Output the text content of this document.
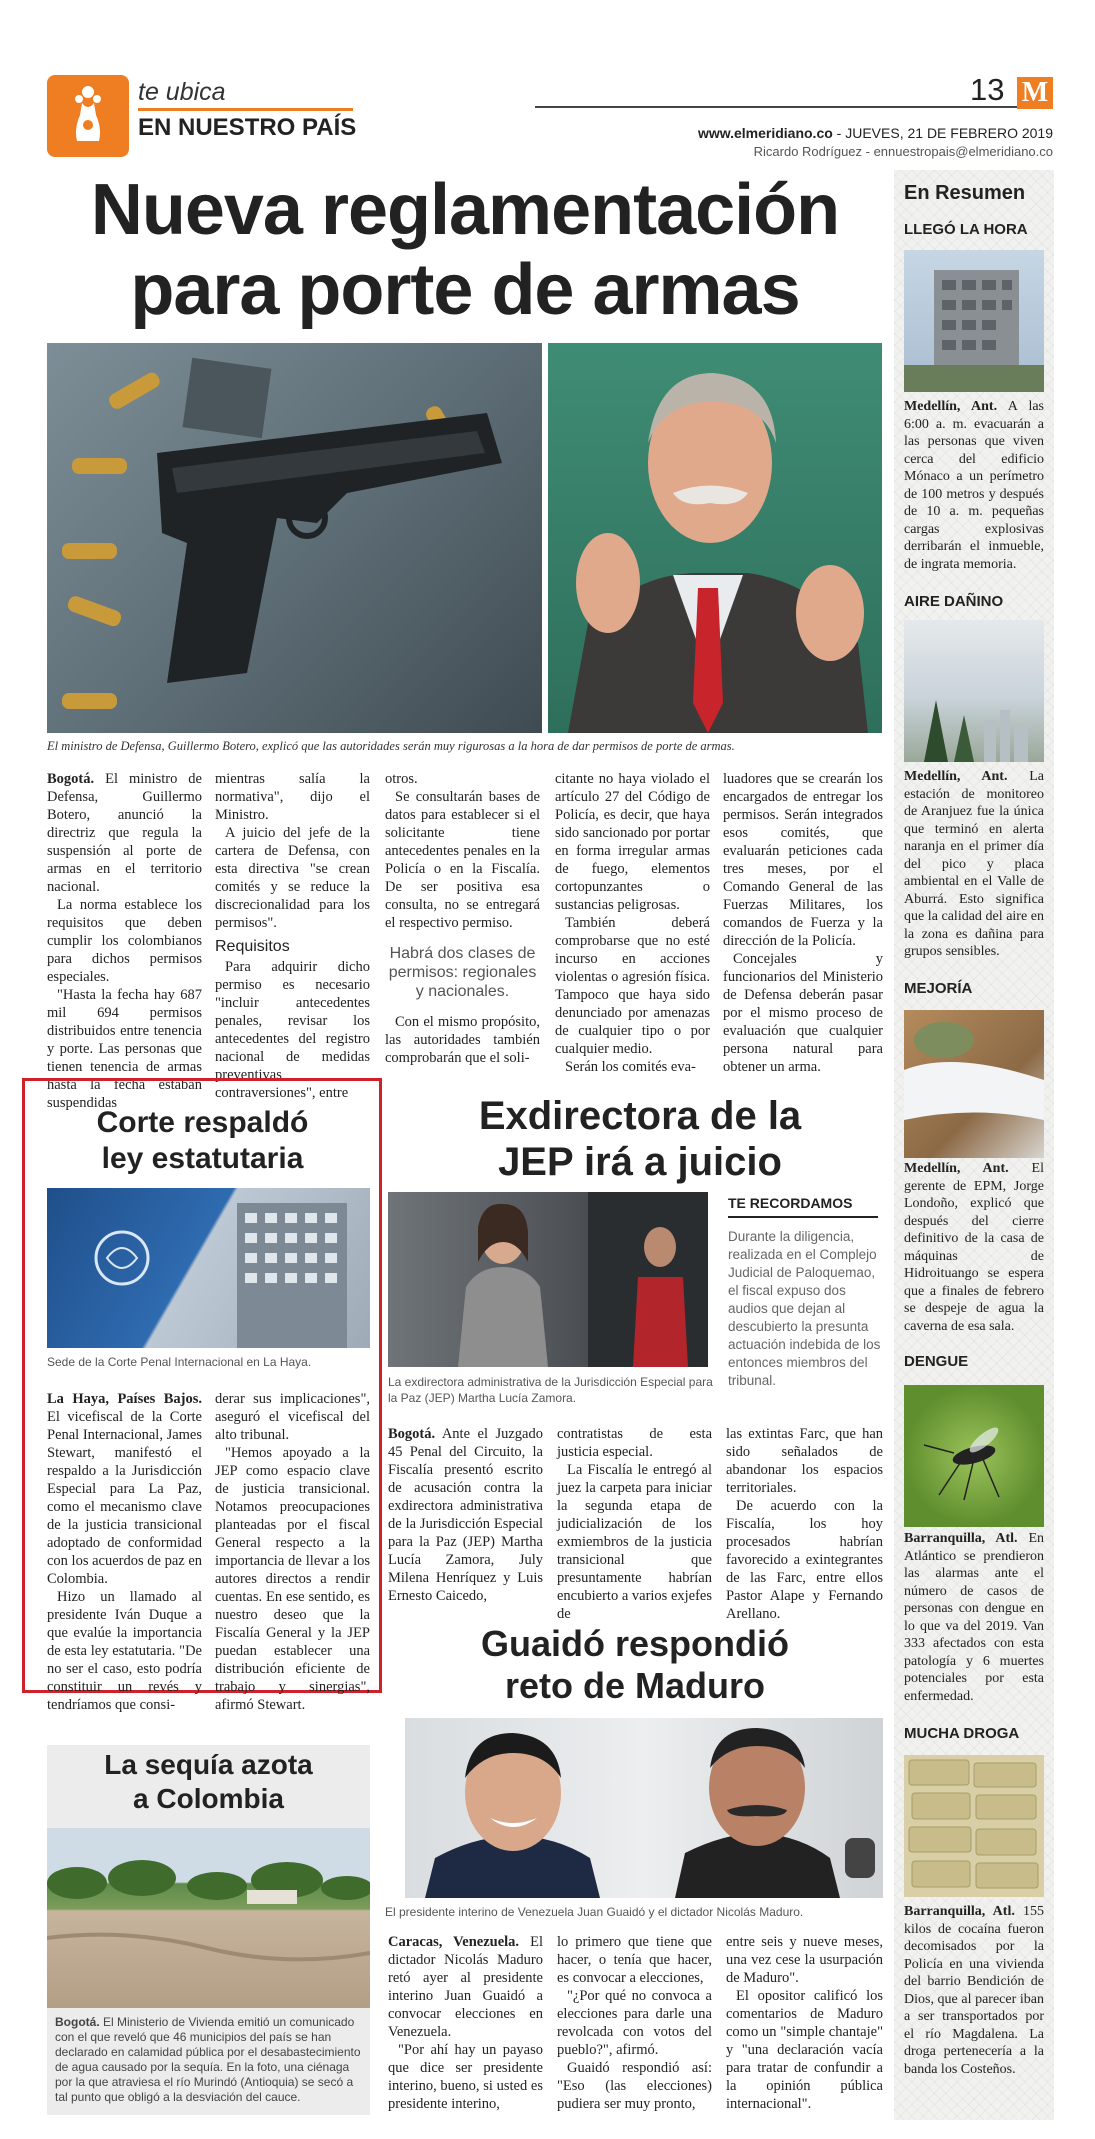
te ubica
EN NUESTRO PAÍS
13 M
www.elmeridiano.co - JUEVES, 21 DE FEBRERO 2019
Ricardo Rodríguez - ennuestropais@elmeridiano.co
Nueva reglamentación
para porte de armas
El ministro de Defensa, Guillermo Botero, explicó que las autoridades serán muy rigurosas a la hora de dar permisos de porte de armas.

Bogotá. El ministro de Defensa, Guillermo Botero, anunció la directriz que regula la suspensión al porte de armas en el territorio nacional.

La norma establece los requisitos que deben cumplir los colombianos para dichos permisos especiales.

"Hasta la fecha hay 687 mil 694 permisos distribuidos entre tenencia y porte. Las personas que tienen tenencia de armas hasta la fecha estaban suspendidas

mientras salía la normativa", dijo el Ministro.

A juicio del jefe de la cartera de Defensa, con esta directiva "se crean comités y se reduce la discrecionalidad para los permisos".

Requisitos

Para adquirir dicho permiso es necesario "incluir antecedentes penales, revisar los antecedentes del registro nacional de medidas preventivas contraversiones", entre

otros.

Se consultarán bases de datos para establecer si el solicitante tiene antecedentes penales en la Policía o en la Fiscalía. De ser positiva esa consulta, no se entregará el respectivo permiso.

Habrá dos clases de permisos: regionales y nacionales.

Con el mismo propósito, las autoridades también comprobarán que el soli-

citante no haya violado el artículo 27 del Código de Policía, es decir, que haya sido sancionado por portar en forma irregular armas de fuego, elementos cortopunzantes o sustancias peligrosas.

También deberá comprobarse que no esté incurso en acciones violentas o agresión física. Tampoco que haya sido denunciado por amenazas de cualquier tipo o por cualquier medio.

Serán los comités eva-

luadores que se crearán los encargados de entregar los permisos. Serán integrados esos comités, que evaluarán peticiones cada tres meses, por el Comando General de las Fuerzas Militares, los comandos de Fuerza y la dirección de la Policía.

Concejales y funcionarios del Ministerio de Defensa deberán pasar por el mismo proceso de evaluación que cualquier persona natural para obtener un arma.

Corte respaldó
ley estatutaria
Sede de la Corte Penal Internacional en La Haya.

La Haya, Países Bajos. El vicefiscal de la Corte Penal Internacional, James Stewart, manifestó el respaldo a la Jurisdicción Especial para La Paz, como el mecanismo clave de la justicia transicional adoptado de conformidad con los acuerdos de paz en Colombia.

Hizo un llamado al presidente Iván Duque a que evalúe la importancia de esta ley estatutaria. "De no ser el caso, esto podría constituir un revés y tendríamos que consi-

derar sus implicaciones", aseguró el vicefiscal del alto tribunal.

"Hemos apoyado a la JEP como espacio clave de justicia transicional. Notamos preocupaciones planteadas por el fiscal General respecto a la importancia de llevar a los autores directos a rendir cuentas. En ese sentido, es nuestro deseo que la Fiscalía General y la JEP puedan establecer una distribución eficiente de trabajo y sinergias", afirmó Stewart.

Exdirectora de la
JEP irá a juicio
La exdirectora administrativa de la Jurisdicción Especial para la Paz (JEP) Martha Lucía Zamora.
TE RECORDAMOS
Durante la diligencia, realizada en el Complejo Judicial de Paloquemao, el fiscal expuso dos audios que dejan al descubierto la presunta actuación indebida de los entonces miembros del tribunal.

Bogotá. Ante el Juzgado 45 Penal del Circuito, la Fiscalía presentó escrito de acusación contra la exdirectora administrativa de la Jurisdicción Especial para la Paz (JEP) Martha Lucía Zamora, July Milena Henríquez y Luis Ernesto Caicedo,

contratistas de esta justicia especial.

La Fiscalía le entregó al juez la carpeta para iniciar la segunda etapa de judicialización de los exmiembros de la justicia transicional que presuntamente habrían encubierto a varios exjefes de

las extintas Farc, que han sido señalados de abandonar los espacios territoriales.

De acuerdo con la Fiscalía, los hoy procesados habrían favorecido a exintegrantes de las Farc, entre ellos Pastor Alape y Fernando Arellano.

Guaidó respondió
reto de Maduro
El presidente interino de Venezuela Juan Guaidó y el dictador Nicolás Maduro.

Caracas, Venezuela. El dictador Nicolás Maduro retó ayer al presidente interino Juan Guaidó a convocar elecciones en Venezuela.

"Por ahí hay un payaso que dice ser presidente interino, bueno, si usted es presidente interino,

lo primero que tiene que hacer, o tenía que hacer, es convocar a elecciones,

"¿Por qué no convoca a elecciones para darle una revolcada con votos del pueblo?", afirmó.

Guaidó respondió así: "Eso (las elecciones) pudiera ser muy pronto,

entre seis y nueve meses, una vez cese la usurpación de Maduro".

El opositor calificó los comentarios de Maduro como un "simple chantaje" y "una declaración vacía para tratar de confundir a la opinión pública internacional".

La sequía azota
a Colombia
Bogotá. El Ministerio de Vivienda emitió un comunicado con el que reveló que 46 municipios del país se han declarado en calamidad pública por el desabastecimiento de agua causado por la sequía. En la foto, una ciénaga por la que atraviesa el río Murindó (Antioquia) se secó a tal punto que obligó a la desviación del cauce.
En Resumen
LLEGÓ LA HORA
Medellín, Ant. A las 6:00 a. m. evacuarán a las personas que viven cerca del edificio Mónaco a un perímetro de 100 metros y después de 10 a. m. pequeñas cargas explosivas derribarán el inmueble, de ingrata memoria.
AIRE DAÑINO
Medellín, Ant. La estación de monitoreo de Aranjuez fue la única que terminó en alerta naranja en el primer día del pico y placa ambiental en el Valle de Aburrá. Esto significa que la calidad del aire en la zona es dañina para grupos sensibles.
MEJORÍA
Medellín, Ant. El gerente de EPM, Jorge Londoño, explicó que después del cierre definitivo de la casa de máquinas de Hidroituango se espera que a finales de febrero se despeje de agua la caverna de esa sala.
DENGUE
Barranquilla, Atl. En Atlántico se prendieron las alarmas ante el número de casos de personas con dengue en lo que va del 2019. Van 333 afectados con esta patología y 6 muertes potenciales por esta enfermedad.
MUCHA DROGA
Barranquilla, Atl. 155 kilos de cocaína fueron decomisados por la Policía en una vivienda del barrio Bendición de Dios, que al parecer iban a ser transportados por el río Magdalena. La droga pertenecería a la banda los Costeños.
